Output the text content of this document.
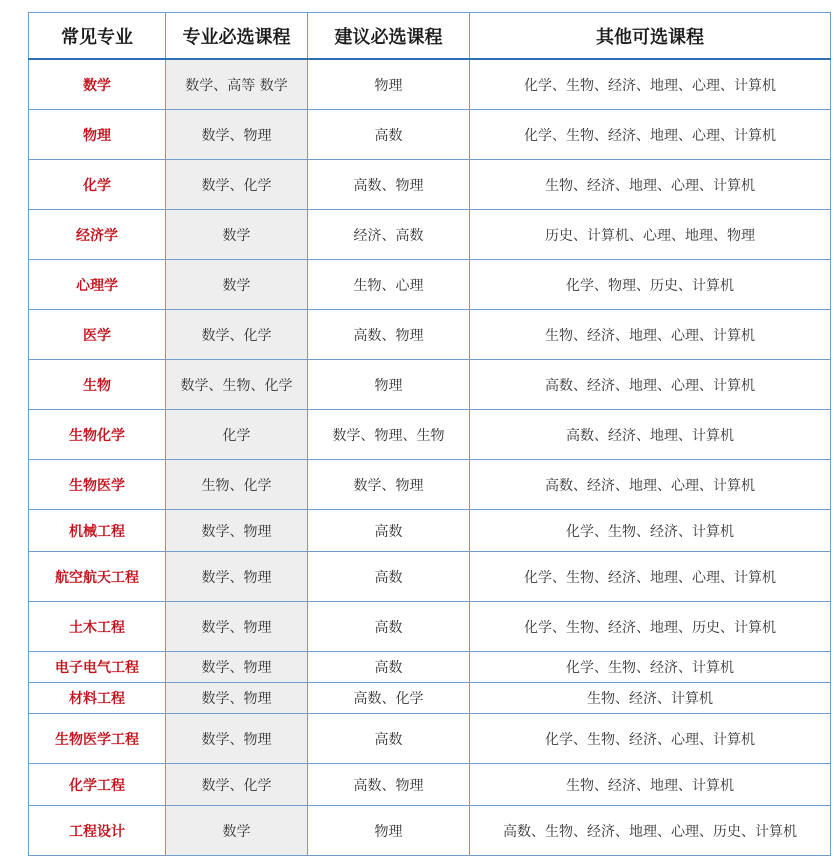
常见专业	专业必选课程	建议必选课程	其他可选课程
数学	数学、高等 数学	物理	化学、生物、经济、地理、心理、计算机
物理	数学、物理	高数	化学、生物、经济、地理、心理、计算机
化学	数学、化学	高数、物理	生物、经济、地理、心理、计算机
经济学	数学	经济、高数	历史、计算机、心理、地理、物理
心理学	数学	生物、心理	化学、物理、历史、计算机
医学	数学、化学	高数、物理	生物、经济、地理、心理、计算机
生物	数学、生物、化学	物理	高数、经济、地理、心理、计算机
生物化学	化学	数学、物理、生物	高数、经济、地理、计算机
生物医学	生物、化学	数学、物理	高数、经济、地理、心理、计算机
机械工程	数学、物理	高数	化学、生物、经济、计算机
航空航天工程	数学、物理	高数	化学、生物、经济、地理、心理、计算机
土木工程	数学、物理	高数	化学、生物、经济、地理、历史、计算机
电子电气工程	数学、物理	高数	化学、生物、经济、计算机
材料工程	数学、物理	高数、化学	生物、经济、计算机
生物医学工程	数学、物理	高数	化学、生物、经济、心理、计算机
化学工程	数学、化学	高数、物理	生物、经济、地理、计算机
工程设计	数学	物理	高数、生物、经济、地理、心理、历史、计算机
